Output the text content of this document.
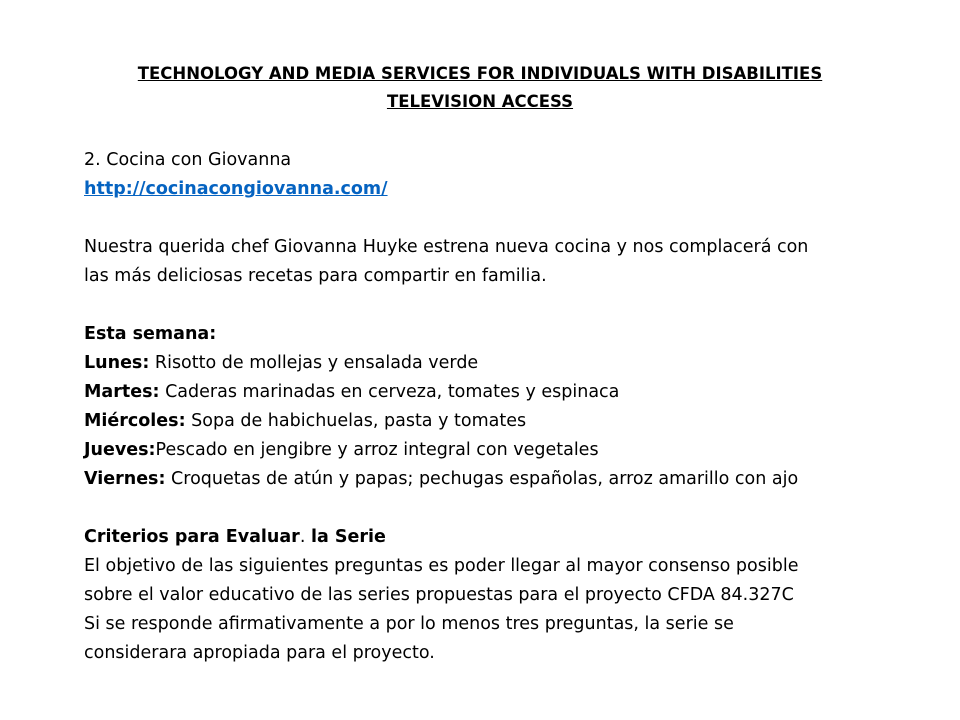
TECHNOLOGY AND MEDIA SERVICES FOR INDIVIDUALS WITH DISABILITIES
TELEVISION ACCESS
2. Cocina con Giovanna
http://cocinacongiovanna.com/
Nuestra querida chef Giovanna Huyke estrena nueva cocina y nos complacerá con
las más deliciosas recetas para compartir en familia.
Esta semana:
Lunes: Risotto de mollejas y ensalada verde
Martes: Caderas marinadas en cerveza, tomates y espinaca
Miércoles: Sopa de habichuelas, pasta y tomates
Jueves:Pescado en jengibre y arroz integral con vegetales
Viernes: Croquetas de atún y papas; pechugas españolas, arroz amarillo con ajo
Criterios para Evaluar. la Serie
El objetivo de las siguientes preguntas es poder llegar al mayor consenso posible
sobre el valor educativo de las series propuestas para el proyecto CFDA 84.327C
Si se responde afirmativamente a por lo menos tres preguntas, la serie se
considerara apropiada para el proyecto.
